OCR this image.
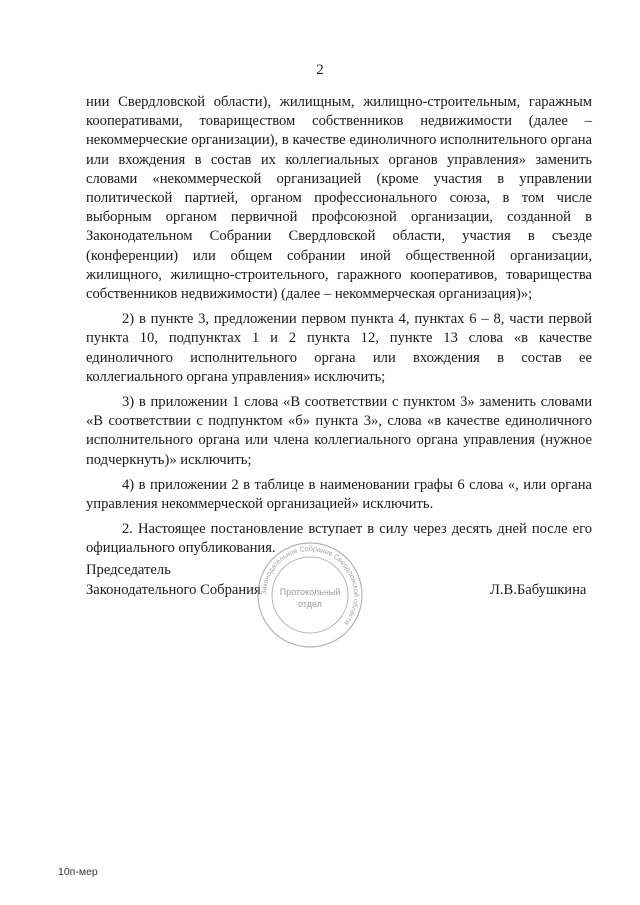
2

нии Свердловской области), жилищным, жилищно-строительным, гаражным кооперативами, товариществом собственников недвижимости (далее – некоммерческие организации), в качестве единоличного исполнительного органа или вхождения в состав их коллегиальных органов управления» заменить словами «некоммерческой организацией (кроме участия в управлении политической партией, органом профессионального союза, в том числе выборным органом первичной профсоюзной организации, созданной в Законодательном Собрании Свердловской области, участия в съезде (конференции) или общем собрании иной общественной организации, жилищного, жилищно-строительного, гаражного кооперативов, товарищества собственников недвижимости) (далее – некоммерческая организация)»;

2) в пункте 3, предложении первом пункта 4, пунктах 6 – 8, части первой пункта 10, подпунктах 1 и 2 пункта 12, пункте 13 слова «в качестве единоличного исполнительного органа или вхождения в состав ее коллегиального органа управления» исключить;

3) в приложении 1 слова «В соответствии с пунктом 3» заменить словами «В соответствии с подпунктом «б» пункта 3», слова «в качестве единоличного исполнительного органа или члена коллегиального органа управления (нужное подчеркнуть)» исключить;

4) в приложении 2 в таблице в наименовании графы 6 слова «, или органа управления некоммерческой организацией» исключить.

2. Настоящее постановление вступает в силу через десять дней после его официального опубликования.

Председатель
Законодательного Собрания	Л.В.Бабушкина
Законодательное Собрание Свердловской области
Протокольный
отдел
10п-мер
